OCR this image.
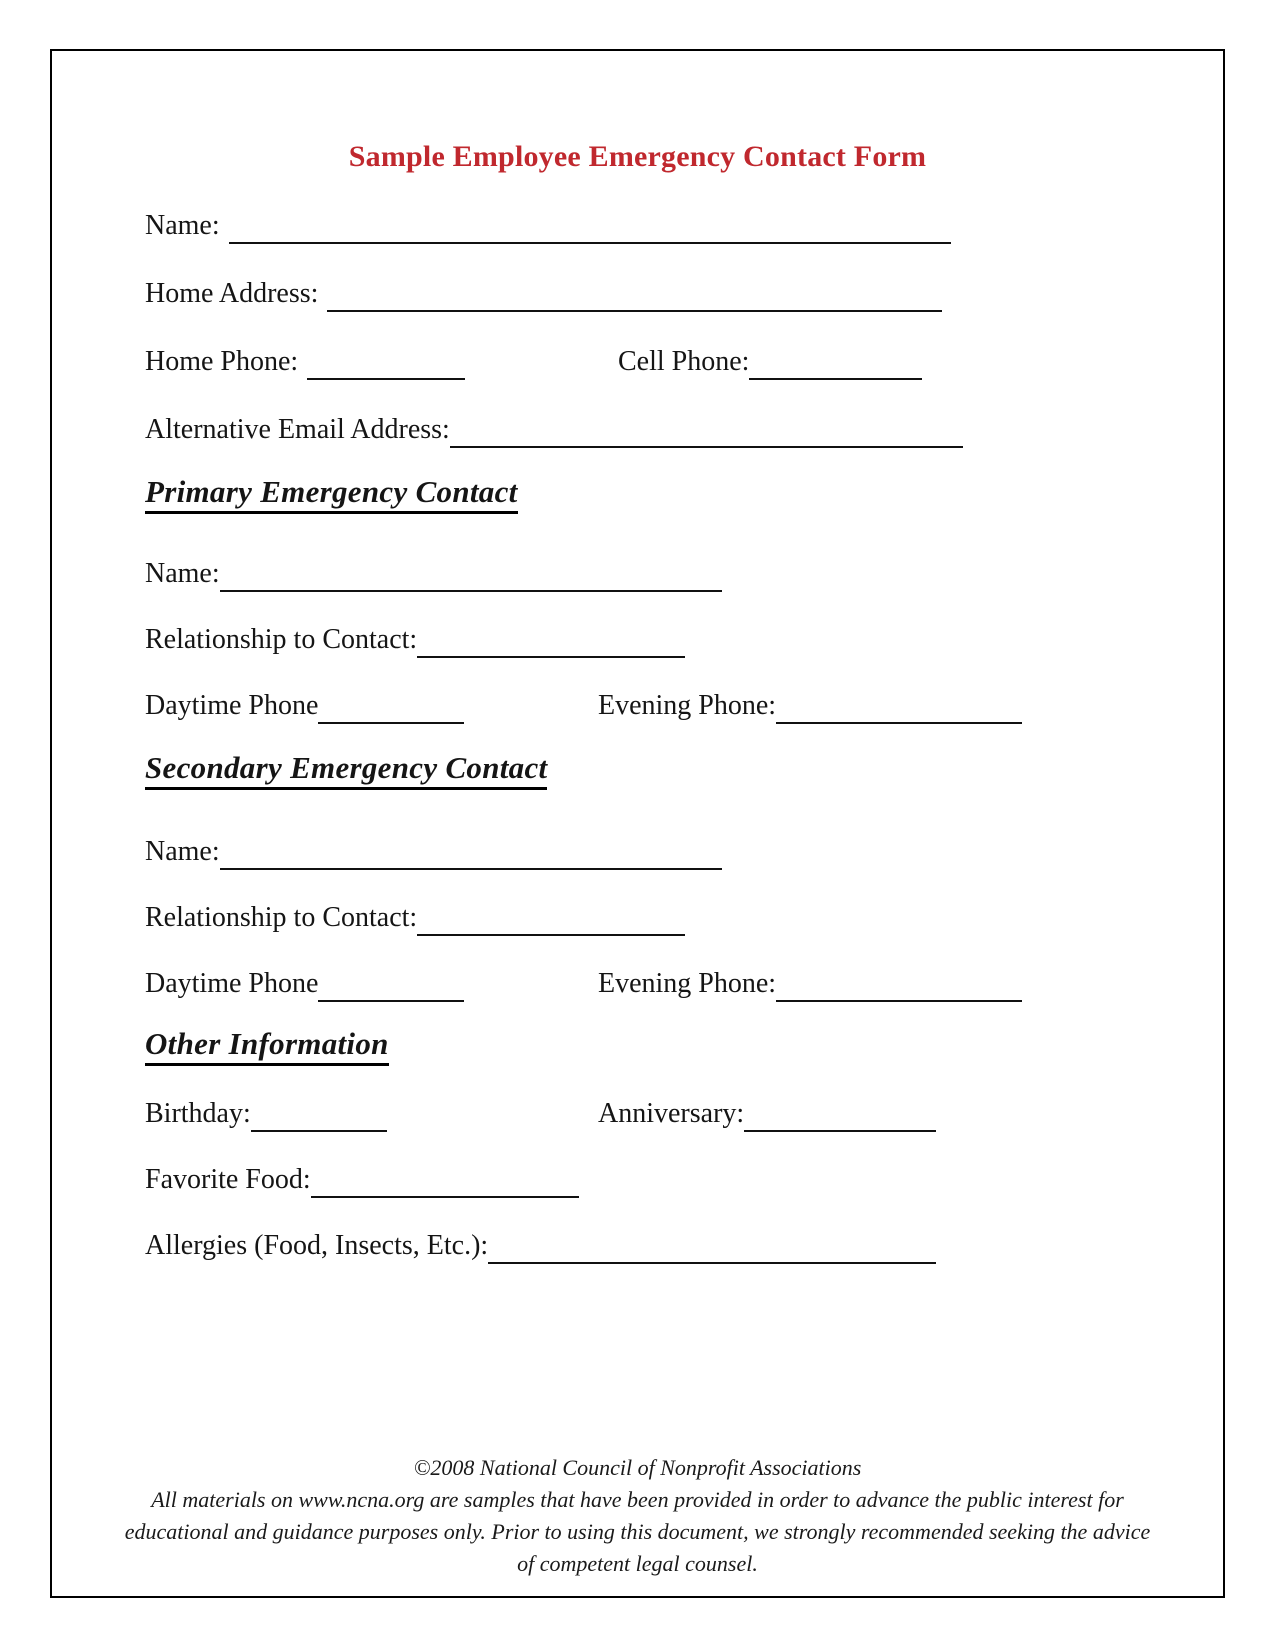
Sample Employee Emergency Contact Form
Name:
Home Address:
Home Phone:	Cell Phone:
Alternative Email Address:
Primary Emergency Contact
Name:
Relationship to Contact:
Daytime Phone	Evening Phone:
Secondary Emergency Contact
Name:
Relationship to Contact:
Daytime Phone	Evening Phone:
Other Information
Birthday:	Anniversary:
Favorite Food:
Allergies (Food, Insects, Etc.):
©2008 National Council of Nonprofit Associations
All materials on www.ncna.org are samples that have been provided in order to advance the public interest for
educational and guidance purposes only. Prior to using this document, we strongly recommended seeking the advice
of competent legal counsel.
